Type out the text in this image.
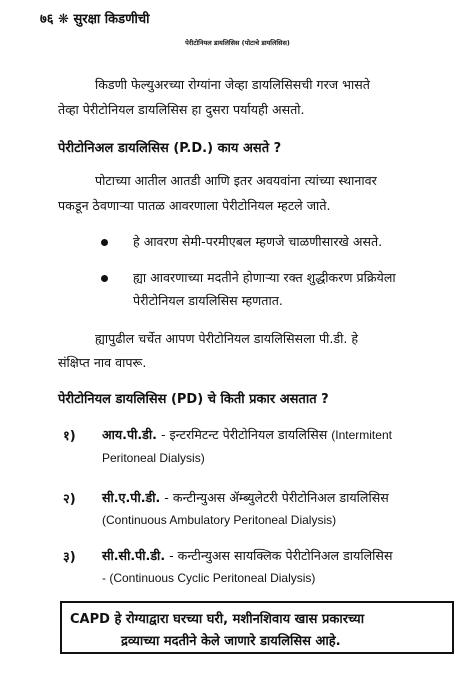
७६ ❋ सुरक्षा किडणीची
पेरीटोनियल डायलिसिस (पोटाचे डायलिसिस)
किडणी फेल्युअरच्या रोग्यांना जेव्हा डायलिसिसची गरज भासते
तेव्हा पेरीटोनियल डायलिसिस हा दुसरा पर्यायही असतो.
पेरीटोनिअल डायलिसिस (P.D.) काय असते ?
पोटाच्या आतील आतडी आणि इतर अवयवांना त्यांच्या स्थानावर
पकडून ठेवणाऱ्या पातळ आवरणाला पेरीटोनियल म्हटले जाते.
हे आवरण सेमी-परमीएबल म्हणजे चाळणीसारखे असते.
ह्या आवरणाच्या मदतीने होणाऱ्या रक्त शुद्धीकरण प्रक्रियेला
पेरीटोनियल डायलिसिस म्हणतात.
ह्यापुढील चर्चेत आपण पेरीटोनियल डायलिसिसला पी.डी. हे
संक्षिप्त नाव वापरू.
पेरीटोनियल डायलिसिस (PD) चे किती प्रकार असतात ?
१) आय.पी.डी. - इन्टरमिटन्ट पेरीटोनियल डायलिसिस (Intermitent
Peritoneal Dialysis)
२) सी.ए.पी.डी. - कन्टीन्युअस ॲम्ब्युलेटरी पेरीटोनिअल डायलिसिस
(Continuous Ambulatory Peritoneal Dialysis)
३) सी.सी.पी.डी. - कन्टीन्युअस सायक्लिक पेरीटोनिअल डायलिसिस
- (Continuous Cyclic Peritoneal Dialysis)
CAPD हे रोग्याद्वारा घरच्या घरी, मशीनशिवाय खास प्रकारच्या
द्रव्याच्या मदतीने केले जाणारे डायलिसिस आहे.
